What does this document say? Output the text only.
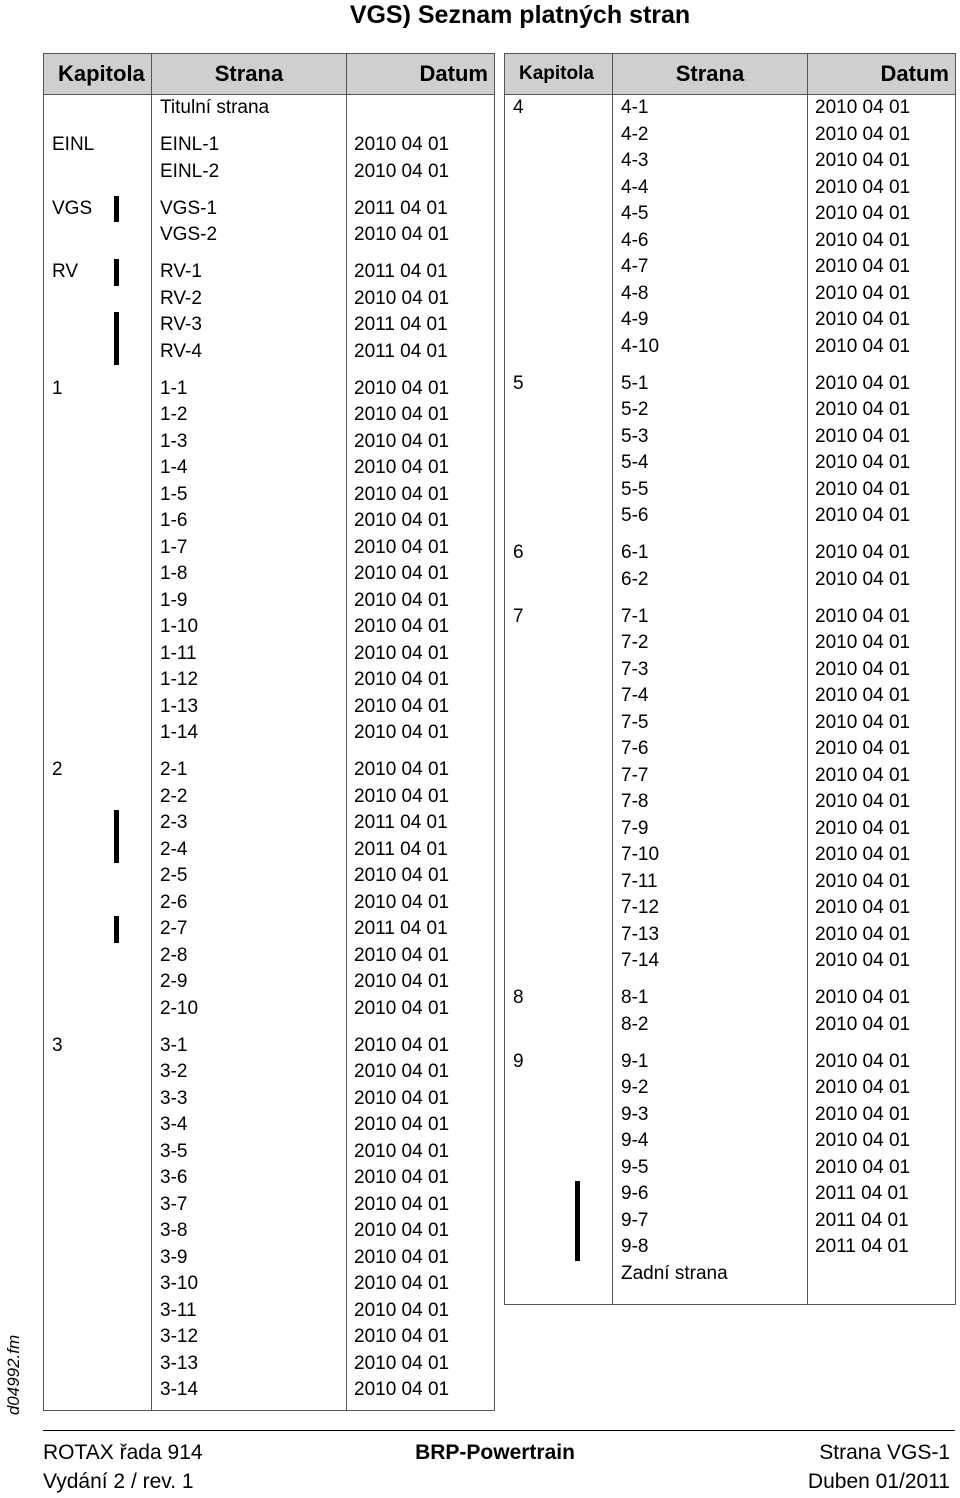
VGS) Seznam platných stran
d04992.fm
Kapitola	Strana	Datum
Titulní strana
EINL	EINL-1	2010 04 01
EINL-2	2010 04 01
VGS	VGS-1	2011 04 01
VGS-2	2010 04 01
RV	RV-1	2011 04 01
RV-2	2010 04 01
RV-3	2011 04 01
RV-4	2011 04 01
1	1-1	2010 04 01
1-2	2010 04 01
1-3	2010 04 01
1-4	2010 04 01
1-5	2010 04 01
1-6	2010 04 01
1-7	2010 04 01
1-8	2010 04 01
1-9	2010 04 01
1-10	2010 04 01
1-11	2010 04 01
1-12	2010 04 01
1-13	2010 04 01
1-14	2010 04 01
2	2-1	2010 04 01
2-2	2010 04 01
2-3	2011 04 01
2-4	2011 04 01
2-5	2010 04 01
2-6	2010 04 01
2-7	2011 04 01
2-8	2010 04 01
2-9	2010 04 01
2-10	2010 04 01
3	3-1	2010 04 01
3-2	2010 04 01
3-3	2010 04 01
3-4	2010 04 01
3-5	2010 04 01
3-6	2010 04 01
3-7	2010 04 01
3-8	2010 04 01
3-9	2010 04 01
3-10	2010 04 01
3-11	2010 04 01
3-12	2010 04 01
3-13	2010 04 01
3-14	2010 04 01
Kapitola	Strana	Datum
4	4-1	2010 04 01
4-2	2010 04 01
4-3	2010 04 01
4-4	2010 04 01
4-5	2010 04 01
4-6	2010 04 01
4-7	2010 04 01
4-8	2010 04 01
4-9	2010 04 01
4-10	2010 04 01
5	5-1	2010 04 01
5-2	2010 04 01
5-3	2010 04 01
5-4	2010 04 01
5-5	2010 04 01
5-6	2010 04 01
6	6-1	2010 04 01
6-2	2010 04 01
7	7-1	2010 04 01
7-2	2010 04 01
7-3	2010 04 01
7-4	2010 04 01
7-5	2010 04 01
7-6	2010 04 01
7-7	2010 04 01
7-8	2010 04 01
7-9	2010 04 01
7-10	2010 04 01
7-11	2010 04 01
7-12	2010 04 01
7-13	2010 04 01
7-14	2010 04 01
8	8-1	2010 04 01
8-2	2010 04 01
9	9-1	2010 04 01
9-2	2010 04 01
9-3	2010 04 01
9-4	2010 04 01
9-5	2010 04 01
9-6	2011 04 01
9-7	2011 04 01
9-8	2011 04 01
Zadní strana
ROTAX řada 914
Vydání 2 / rev. 1
BRP-Powertrain	Strana VGS-1
Duben 01/2011
